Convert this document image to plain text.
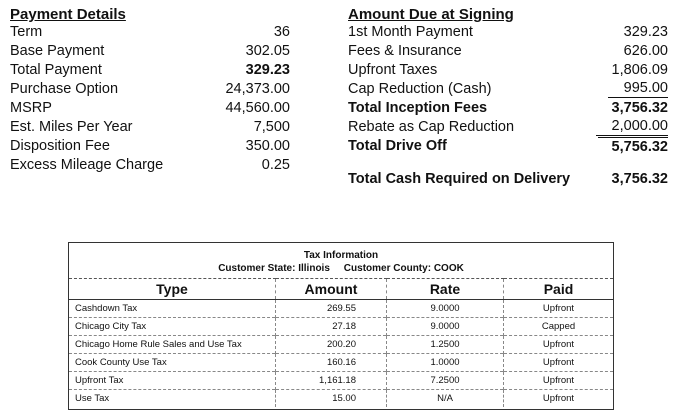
Payment Details
Term	36
Base Payment	302.05
Total Payment	329.23
Purchase Option	24,373.00
MSRP	44,560.00
Est. Miles Per Year	7,500
Disposition Fee	350.00
Excess Mileage Charge	0.25
Amount Due at Signing
1st Month Payment	329.23
Fees & Insurance	626.00
Upfront Taxes	1,806.09
Cap Reduction (Cash)	995.00
Total Inception Fees	3,756.32
Rebate as Cap Reduction	2,000.00
Total Drive Off	5,756.32
Total Cash Required on Delivery	3,756.32
Tax Information
Customer State: Illinois Customer County: COOK
Type	Amount	Rate	Paid
Cashdown Tax	269.55	9.0000	Upfront
Chicago City Tax	27.18	9.0000	Capped
Chicago Home Rule Sales and Use Tax	200.20	1.2500	Upfront
Cook County Use Tax	160.16	1.0000	Upfront
Upfront Tax	1,161.18	7.2500	Upfront
Use Tax	15.00	N/A	Upfront
